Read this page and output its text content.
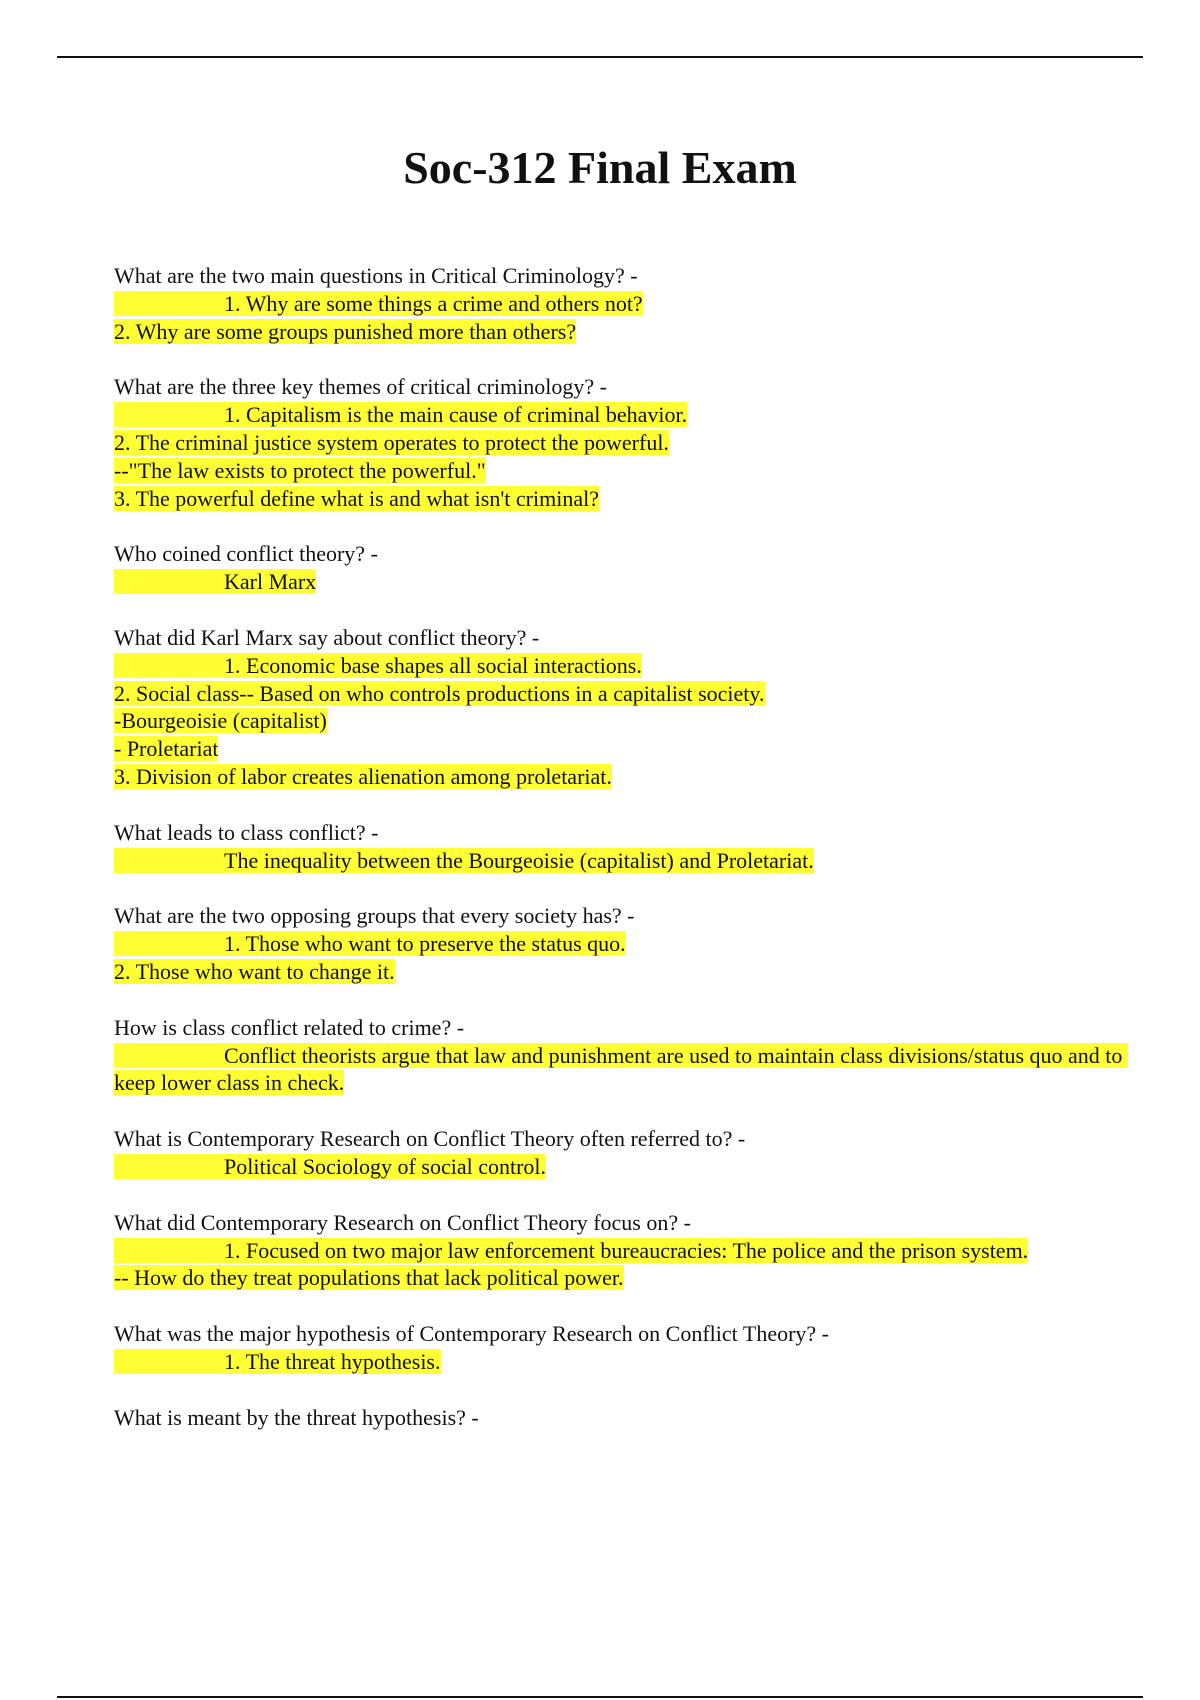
Soc-312 Final Exam
What are the two main questions in Critical Criminology? -
     1. Why are some things a crime and others not?
2. Why are some groups punished more than others?
What are the three key themes of critical criminology? -
     1. Capitalism is the main cause of criminal behavior.
2. The criminal justice system operates to protect the powerful.
--"The law exists to protect the powerful."
3. The powerful define what is and what isn't criminal?
Who coined conflict theory? -
     Karl Marx
What did Karl Marx say about conflict theory? -
     1. Economic base shapes all social interactions.
2. Social class-- Based on who controls productions in a capitalist society.
-Bourgeoisie (capitalist)
- Proletariat
3. Division of labor creates alienation among proletariat.
What leads to class conflict? -
     The inequality between the Bourgeoisie (capitalist) and Proletariat.
What are the two opposing groups that every society has? -
     1. Those who want to preserve the status quo.
2. Those who want to change it.
How is class conflict related to crime? -
     Conflict theorists argue that law and punishment are used to maintain class divisions/status quo and to keep lower class in check.
What is Contemporary Research on Conflict Theory often referred to? -
     Political Sociology of social control.
What did Contemporary Research on Conflict Theory focus on? -
     1. Focused on two major law enforcement bureaucracies: The police and the prison system.
-- How do they treat populations that lack political power.
What was the major hypothesis of Contemporary Research on Conflict Theory? -
     1. The threat hypothesis.
What is meant by the threat hypothesis? -
